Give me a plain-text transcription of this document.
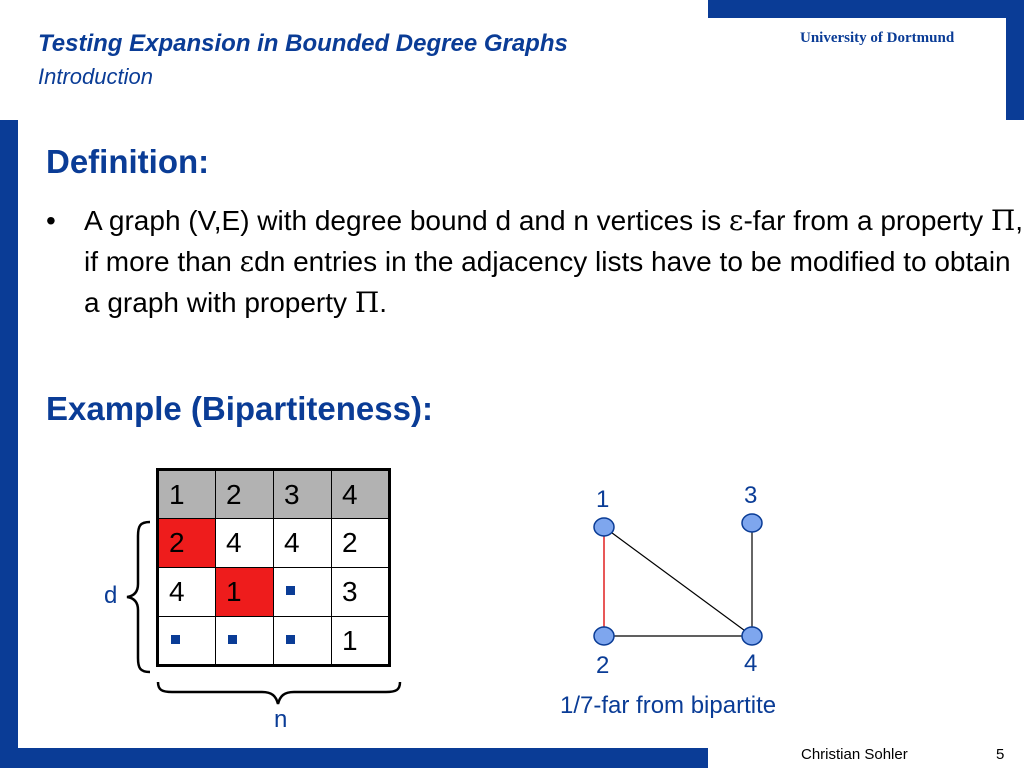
Testing Expansion in Bounded Degree Graphs
Introduction
University of Dortmund
Definition:
• A graph (V,E) with degree bound d and n vertices is ε-far from a property Π, if more than εdn entries in the adjacency lists have to be modified to obtain a graph with property Π.
Example (Bipartiteness):
1	2	3	4
2	4	4	2
4	1		3
			1
d
n
1
2
3
4
1/7-far from bipartite
Christian Sohler	5
